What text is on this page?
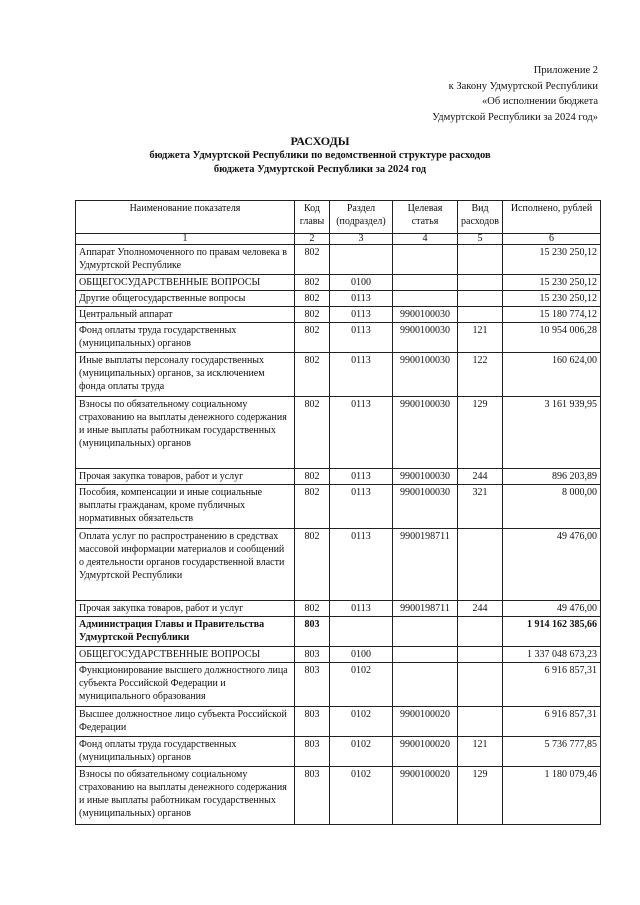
Приложение 2
к Закону Удмуртской Республики
«Об исполнении бюджета
Удмуртской Республики за 2024 год»
РАСХОДЫ
бюджета Удмуртской Республики по ведомственной структуре расходов
бюджета Удмуртской Республики за 2024 год
Наименование показателя	Код главы	Раздел (подраздел)	Целевая статья	Вид расходов	Исполнено, рублей
1	2	3	4	5	6
Аппарат Уполномоченного по правам человека в Удмуртской Республике	802				15 230 250,12
ОБЩЕГОСУДАРСТВЕННЫЕ ВОПРОСЫ	802	0100			15 230 250,12
Другие общегосударственные вопросы	802	0113			15 230 250,12
Центральный аппарат	802	0113	9900100030		15 180 774,12
Фонд оплаты труда государственных (муниципальных) органов	802	0113	9900100030	121	10 954 006,28
Иные выплаты персоналу государственных (муниципальных) органов, за исключением фонда оплаты труда	802	0113	9900100030	122	160 624,00
Взносы по обязательному социальному страхованию на выплаты денежного содержания и иные выплаты работникам государственных (муниципальных) органов	802	0113	9900100030	129	3 161 939,95
Прочая закупка товаров, работ и услуг	802	0113	9900100030	244	896 203,89
Пособия, компенсации и иные социальные выплаты гражданам, кроме публичных нормативных обязательств	802	0113	9900100030	321	8 000,00
Оплата услуг по распространению в средствах массовой информации материалов и сообщений о деятельности органов государственной власти Удмуртской Республики	802	0113	9900198711		49 476,00
Прочая закупка товаров, работ и услуг	802	0113	9900198711	244	49 476,00
Администрация Главы и Правительства Удмуртской Республики	803				1 914 162 385,66
ОБЩЕГОСУДАРСТВЕННЫЕ ВОПРОСЫ	803	0100			1 337 048 673,23
Функционирование высшего должностного лица субъекта Российской Федерации и муниципального образования	803	0102			6 916 857,31
Высшее должностное лицо субъекта Российской Федерации	803	0102	9900100020		6 916 857,31
Фонд оплаты труда государственных (муниципальных) органов	803	0102	9900100020	121	5 736 777,85
Взносы по обязательному социальному страхованию на выплаты денежного содержания и иные выплаты работникам государственных (муниципальных) органов	803	0102	9900100020	129	1 180 079,46
